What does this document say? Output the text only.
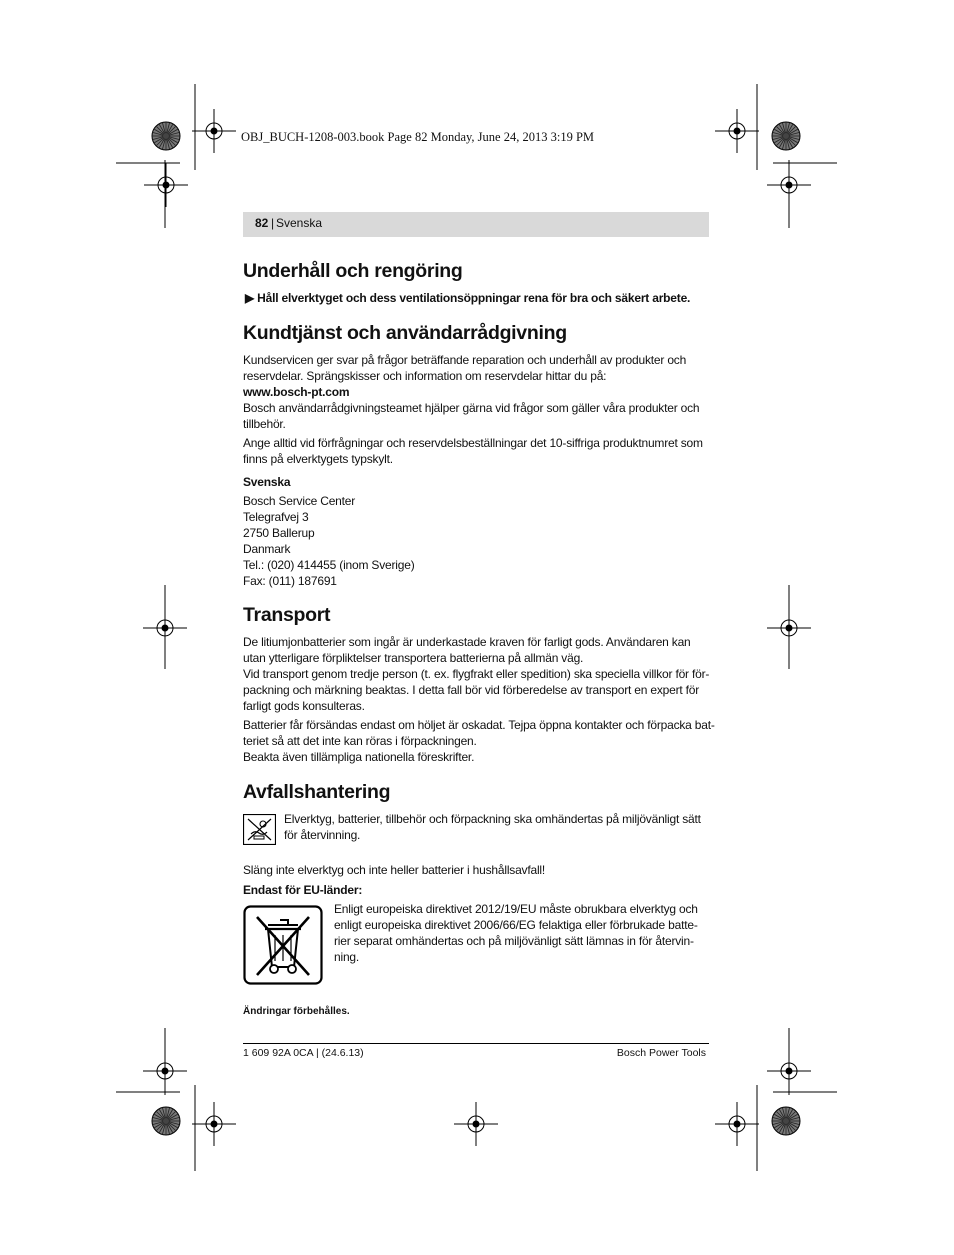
OBJ_BUCH-1208-003.book Page 82 Monday, June 24, 2013 3:19 PM
82 | Svenska
Underhåll och rengöring
▶ Håll elverktyget och dess ventilationsöppningar rena för bra och säkert arbete.
Kundtjänst och användarrådgivning
Kundservicen ger svar på frågor beträffande reparation och underhåll av produkter och
reservdelar. Sprängskisser och information om reservdelar hittar du på:
www.bosch-pt.com
Bosch användarrådgivningsteamet hjälper gärna vid frågor som gäller våra produkter och
tillbehör.
Ange alltid vid förfrågningar och reservdelsbeställningar det 10-siffriga produktnumret som
finns på elverktygets typskylt.
Svenska
Bosch Service Center
Telegrafvej 3
2750 Ballerup
Danmark
Tel.: (020) 414455 (inom Sverige)
Fax: (011) 187691
Transport
De litiumjonbatterier som ingår är underkastade kraven för farligt gods. Användaren kan
utan ytterligare förpliktelser transportera batterierna på allmän väg.
Vid transport genom tredje person (t. ex. flygfrakt eller spedition) ska speciella villkor för för-
packning och märkning beaktas. I detta fall bör vid förberedelse av transport en expert för
farligt gods konsulteras.
Batterier får försändas endast om höljet är oskadat. Tejpa öppna kontakter och förpacka bat-
teriet så att det inte kan röras i förpackningen.
Beakta även tillämpliga nationella föreskrifter.
Avfallshantering
Elverktyg, batterier, tillbehör och förpackning ska omhändertas på miljövänligt sätt
för återvinning.
Släng inte elverktyg och inte heller batterier i hushållsavfall!
Endast för EU-länder:
Enligt europeiska direktivet 2012/19/EU måste obrukbara elverktyg och
enligt europeiska direktivet 2006/66/EG felaktiga eller förbrukade batte-
rier separat omhändertas och på miljövänligt sätt lämnas in för återvin-
ning.
Ändringar förbehålles.
1 609 92A 0CA | (24.6.13)	Bosch Power Tools
